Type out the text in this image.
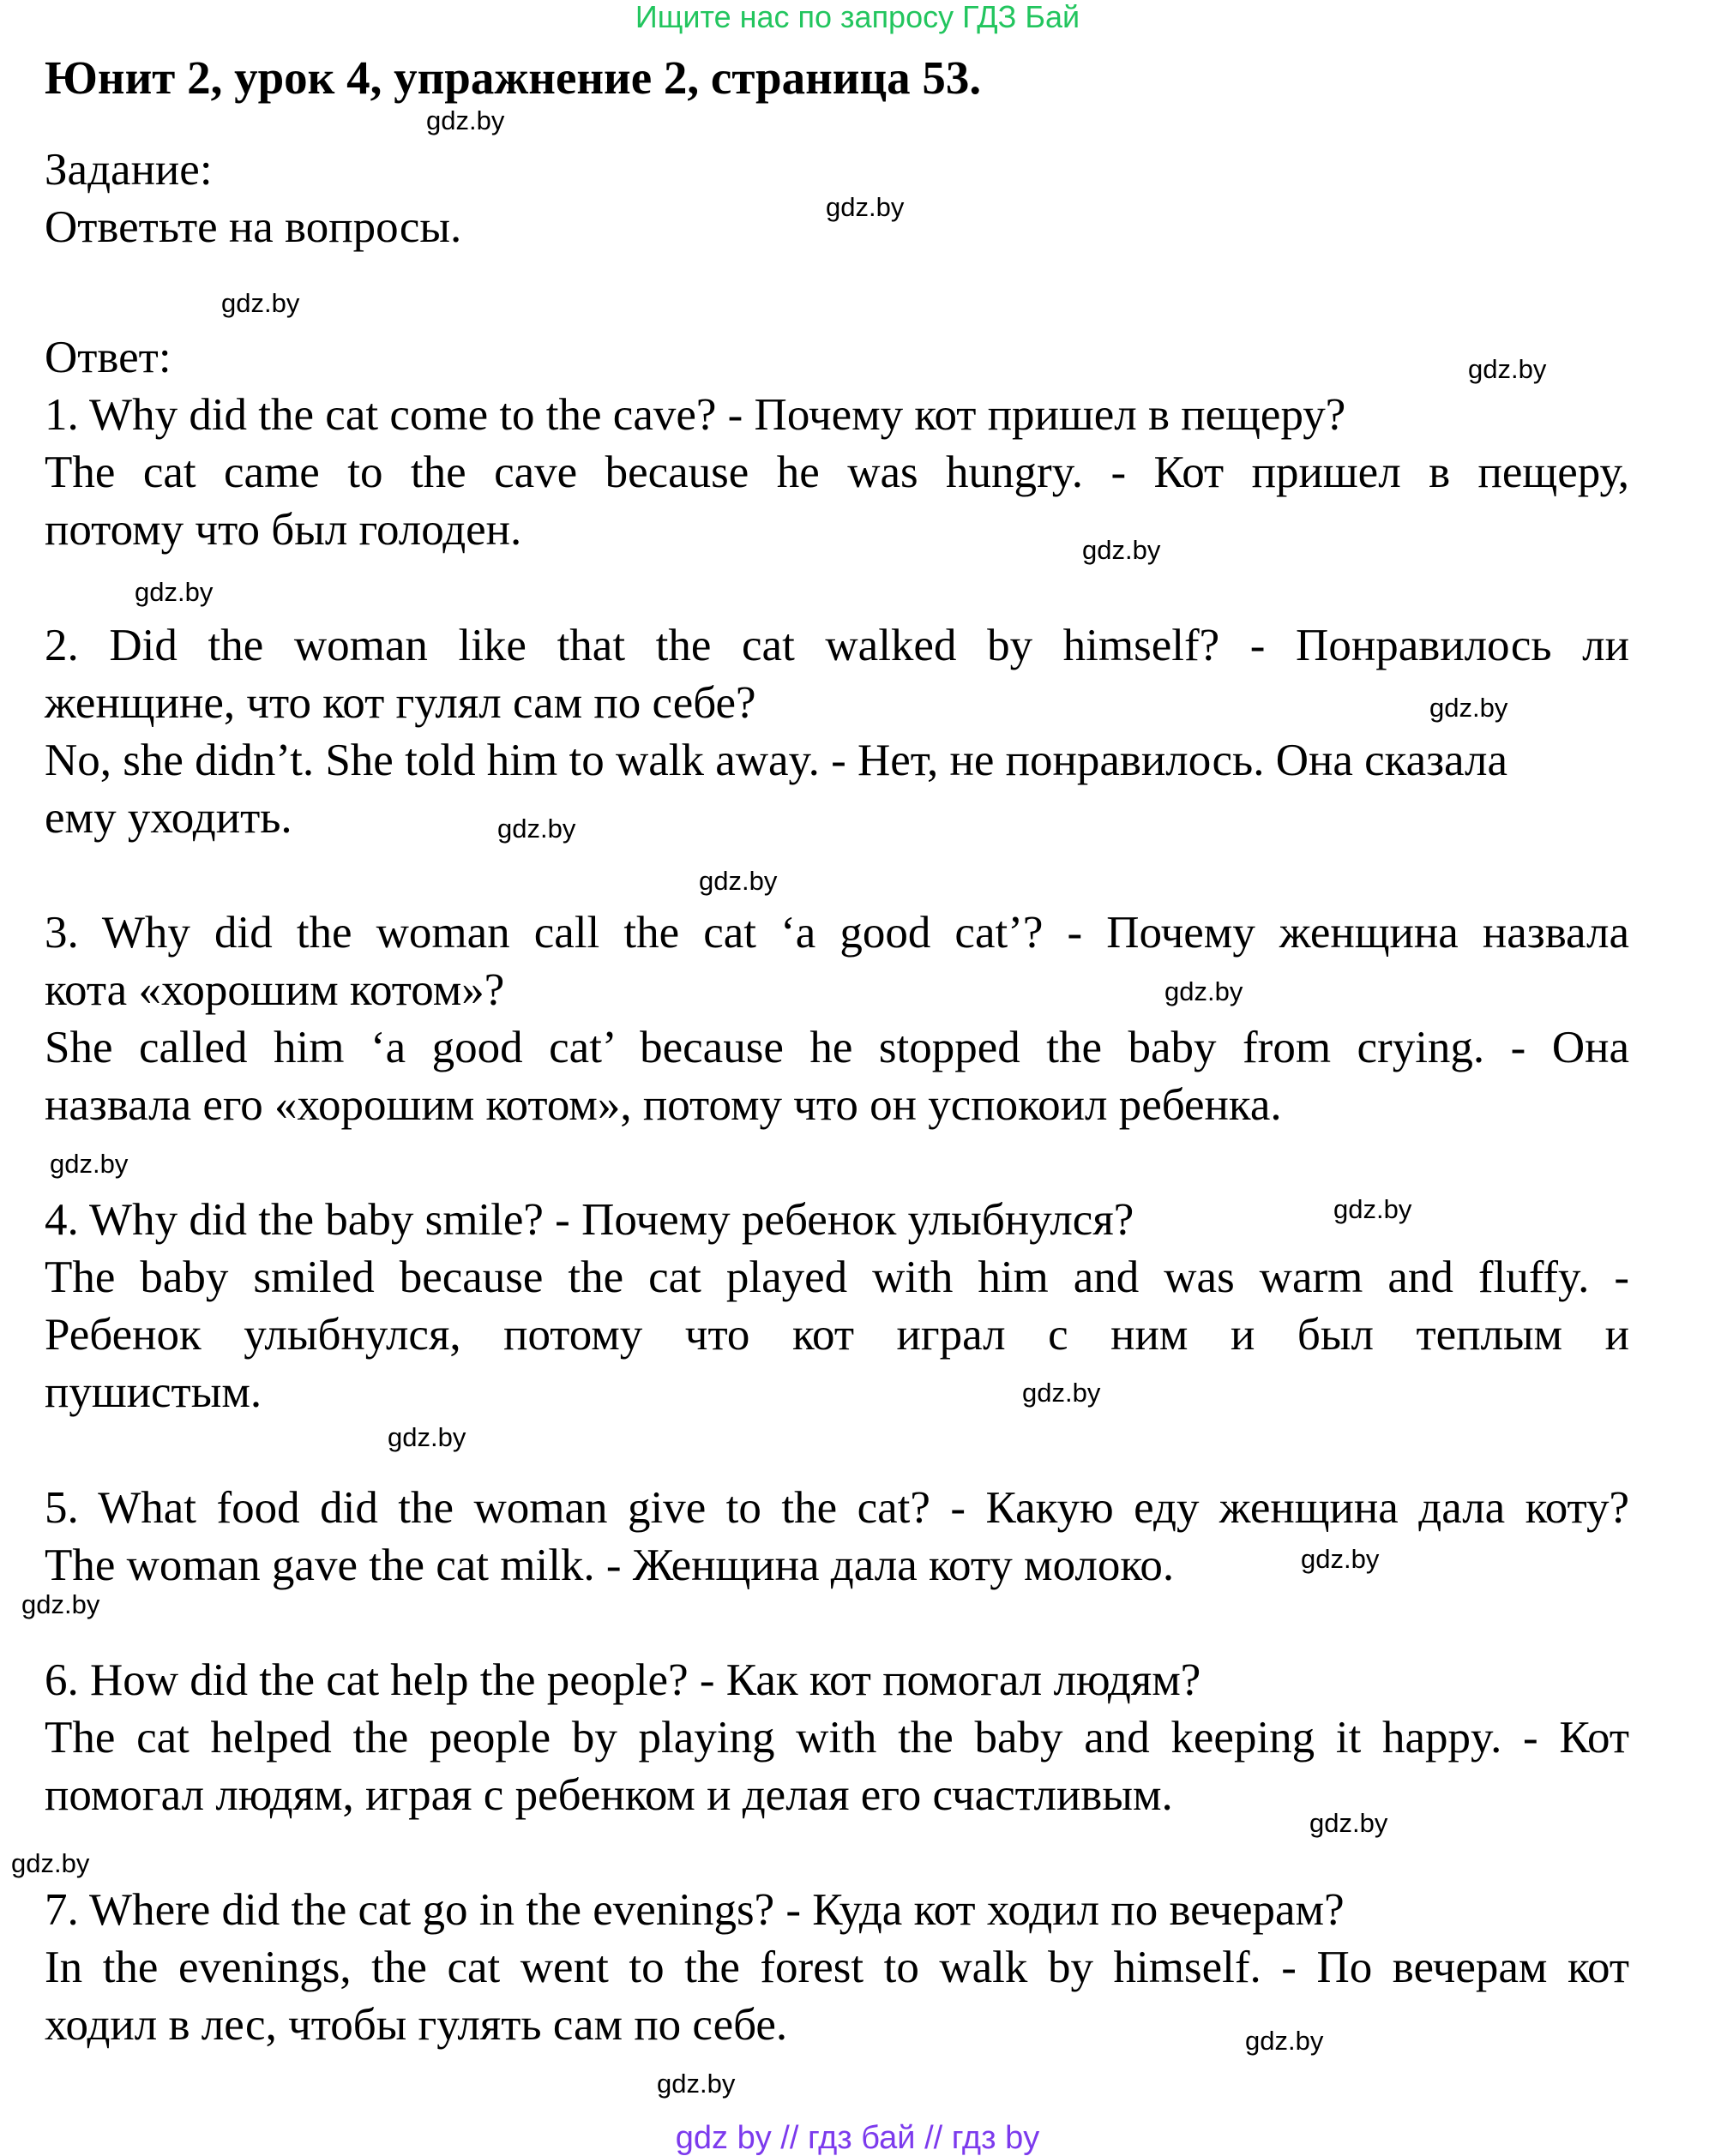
Ищите нас по запросу ГДЗ Бай
Юнит 2, урок 4, упражнение 2, страница 53.
Задание:
Ответьте на вопросы.
Ответ:
1. Why did the cat come to the cave? - Почему кот пришел в пещеру?
The cat came to the cave because he was hungry. - Кот пришел в пещеру,
потому что был голоден.
2. Did the woman like that the cat walked by himself? - Понравилось ли
женщине, что кот гулял сам по себе?
No, she didn’t. She told him to walk away. - Нет, не понравилось. Она сказала
ему уходить.
3. Why did the woman call the cat ‘a good cat’? - Почему женщина назвала
кота «хорошим котом»?
She called him ‘a good cat’ because he stopped the baby from crying. - Она
назвала его «хорошим котом», потому что он успокоил ребенка.
4. Why did the baby smile? - Почему ребенок улыбнулся?
The baby smiled because the cat played with him and was warm and fluffy. -
Ребенок улыбнулся, потому что кот играл с ним и был теплым и
пушистым.
5. What food did the woman give to the cat? - Какую еду женщина дала коту?
The woman gave the cat milk. - Женщина дала коту молоко.
6. How did the cat help the people? - Как кот помогал людям?
The cat helped the people by playing with the baby and keeping it happy. - Кот
помогал людям, играя с ребенком и делая его счастливым.
7. Where did the cat go in the evenings? - Куда кот ходил по вечерам?
In the evenings, the cat went to the forest to walk by himself. - По вечерам кот
ходил в лес, чтобы гулять сам по себе.
gdz.by
gdz.by
gdz.by
gdz.by
gdz.by
gdz.by
gdz.by
gdz.by
gdz.by
gdz.by
gdz.by
gdz.by
gdz.by
gdz.by
gdz.by
gdz.by
gdz.by
gdz.by
gdz.by
gdz.by
gdz by // гдз бай // гдз by
